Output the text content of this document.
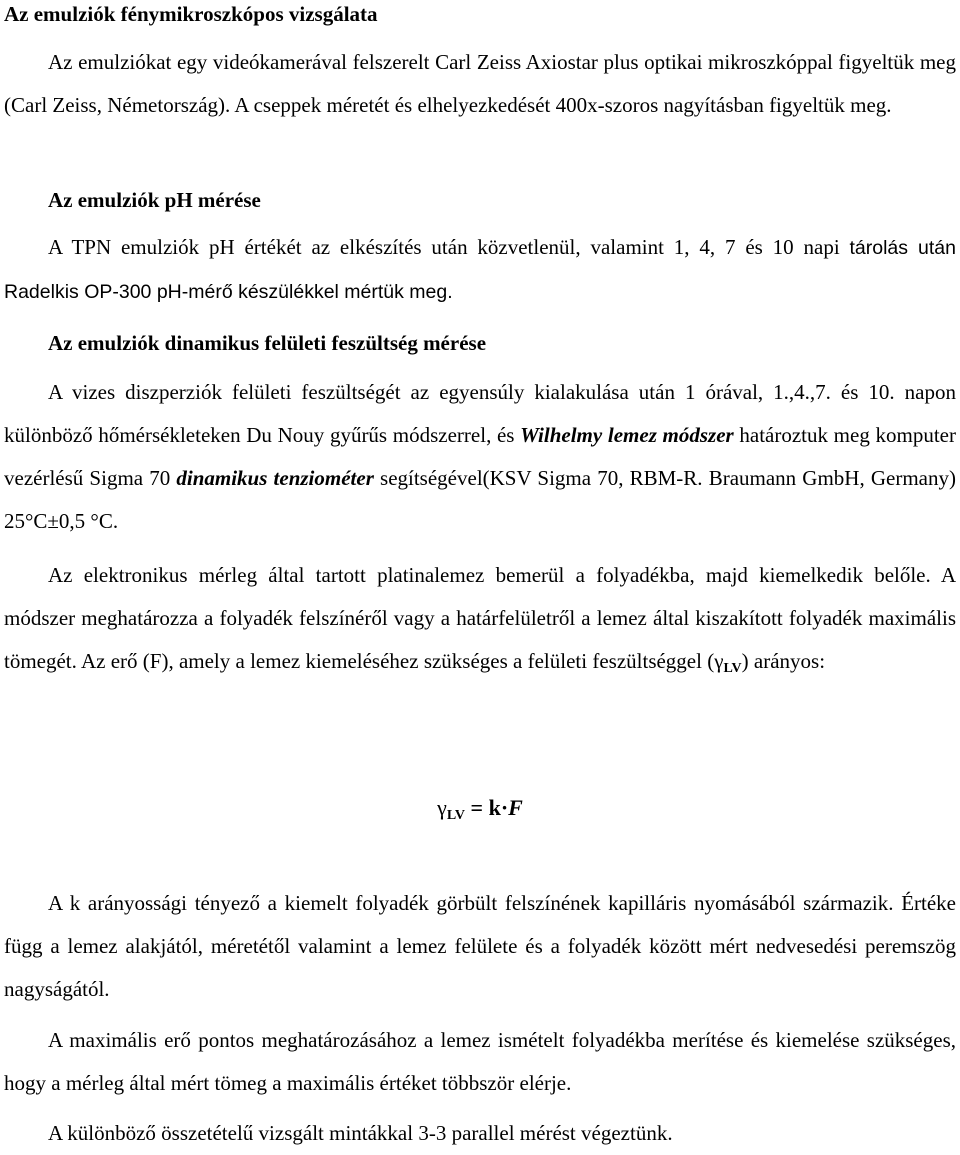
Az emulziók fénymikroszkópos vizsgálata

Az emulziókat egy videókamerával felszerelt Carl Zeiss Axiostar plus optikai mikroszkóppal figyeltük meg (Carl Zeiss, Németország). A cseppek méretét és elhelyezkedését 400x-szoros nagyításban figyeltük meg.

Az emulziók pH mérése

A TPN emulziók pH értékét az elkészítés után közvetlenül, valamint 1, 4, 7 és 10 napi tárolás után Radelkis OP-300 pH-mérő készülékkel mértük meg.

Az emulziók dinamikus felületi feszültség mérése

A vizes diszperziók felületi feszültségét az egyensúly kialakulása után 1 órával, 1.,4.,7. és 10. napon különböző hőmérsékleteken Du Nouy gyűrűs módszerrel, és Wilhelmy lemez módszer határoztuk meg komputer vezérlésű Sigma 70 dinamikus tenziométer segítségével(KSV Sigma 70, RBM-R. Braumann GmbH, Germany) 25°C±0,5 °C.

Az elektronikus mérleg által tartott platinalemez bemerül a folyadékba, majd kiemelkedik belőle. A módszer meghatározza a folyadék felszínéről vagy a határfelületről a lemez által kiszakított folyadék maximális tömegét. Az erő (F), amely a lemez kiemeléséhez szükséges a felületi feszültséggel $(\gamma_{LV})$ arányos:

$\gamma_{LV} = k\cdot F$

A k arányossági tényező a kiemelt folyadék görbült felszínének kapilláris nyomásából származik. Értéke függ a lemez alakjától, méretétől valamint a lemez felülete és a folyadék között mért nedvesedési peremszög nagyságától.

A maximális erő pontos meghatározásához a lemez ismételt folyadékba merítése és kiemelése szükséges, hogy a mérleg által mért tömeg a maximális értéket többször elérje.

A különböző összetételű vizsgált mintákkal 3-3 parallel mérést végeztünk.
